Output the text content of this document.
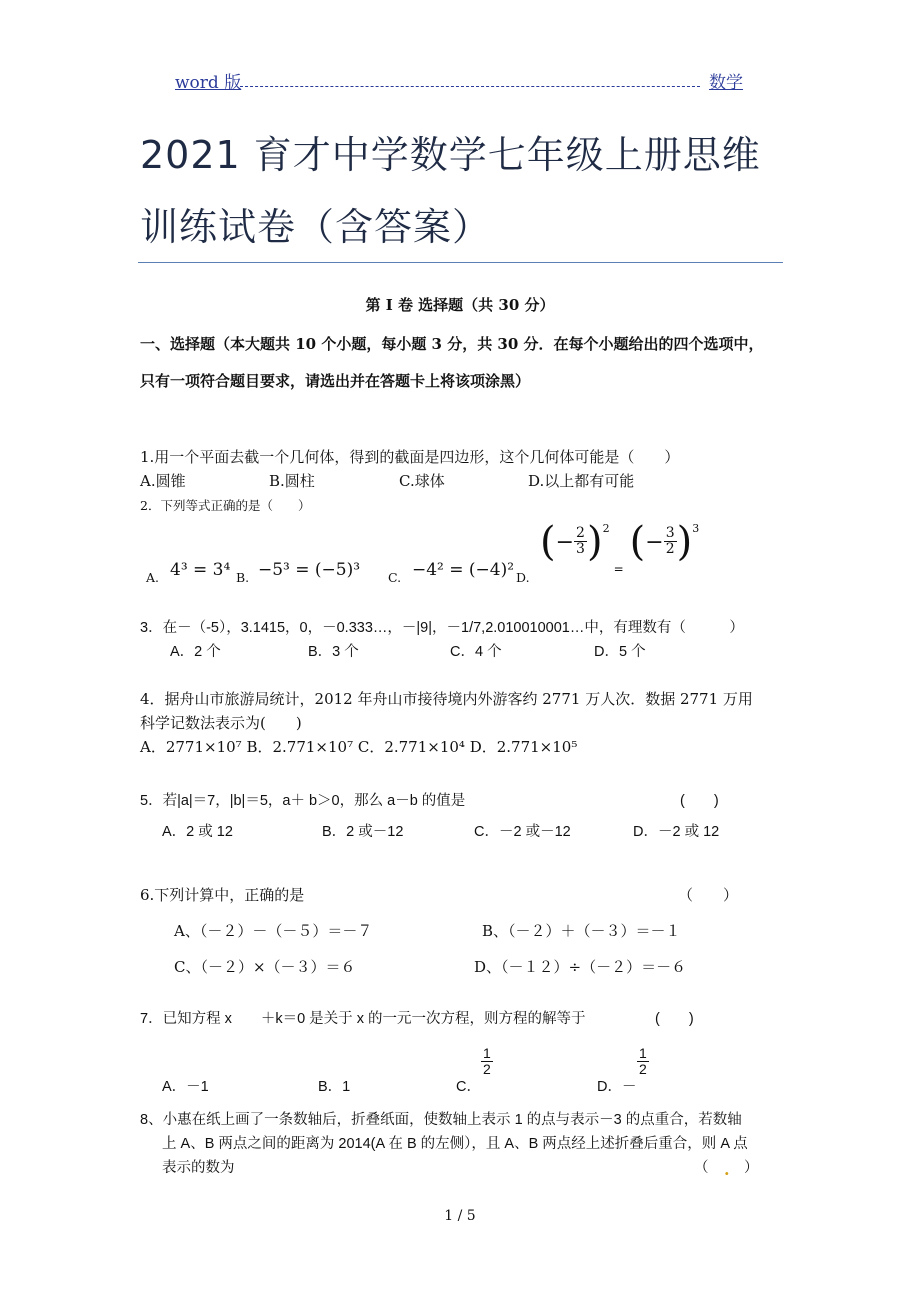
word 版	数学
2021 育才中学数学七年级上册思维
训练试卷（含答案）
第 I 卷 选择题（共 30 分）
一、选择题（本大题共 10 个小题，每小题 3 分，共 30 分．在每个小题给出的四个选项中，
只有一项符合题目要求，请选出并在答题卡上将该项涂黑）
1.用一个平面去截一个几何体，得到的截面是四边形，这个几何体可能是（　　）
A.圆锥	B.圆柱	C.球体	D.以上都有可能
2．下列等式正确的是（　　）
A. 4³ = 3⁴ B. −5³ = (−5)³ C. −4² = (−4)² D.
( − $\frac{2}{3}$ ) 2
=
( − $\frac{3}{2}$ ) 3
3．在－（-5），3.1415，0，－0.333…，－|9|，－1/7,2.010010001…中，有理数有（　　　）
A．2 个	B．3 个	C．4 个	D．5 个
4．据舟山市旅游局统计，2012 年舟山市接待境内外游客约 2771 万人次．数据 2771 万用
科学记数法表示为(　　)
A．2771×10⁷ B．2.771×10⁷ C．2.771×10⁴ D．2.771×10⁵
5．若|a|＝7，|b|＝5，a＋ b＞0，那么 a－b 的值是	(　　)
A．2 或 12	B．2 或－12	C．－2 或－12	D．－2 或 12
6.下列计算中，正确的是	（　　）
A、（－２）－（－５）＝－７	B、（－２）＋（－３）＝－１
C、（－２）×（－３）＝６	D、（－１２）÷（－２）＝－６
7．已知方程 x　　＋k＝0 是关于 x 的一元一次方程，则方程的解等于	(　　)
A．－1	B．1	C．
$\frac{1}{2}$
D．－
$\frac{1}{2}$
8、小惠在纸上画了一条数轴后，折叠纸面，使数轴上表示 1 的点与表示－3 的点重合，若数轴
上 A、B 两点之间的距离为 2014(A 在 B 的左侧），且 A、B 两点经上述折叠后重合，则 A 点
表示的数为	（ . ）
1 / 5
